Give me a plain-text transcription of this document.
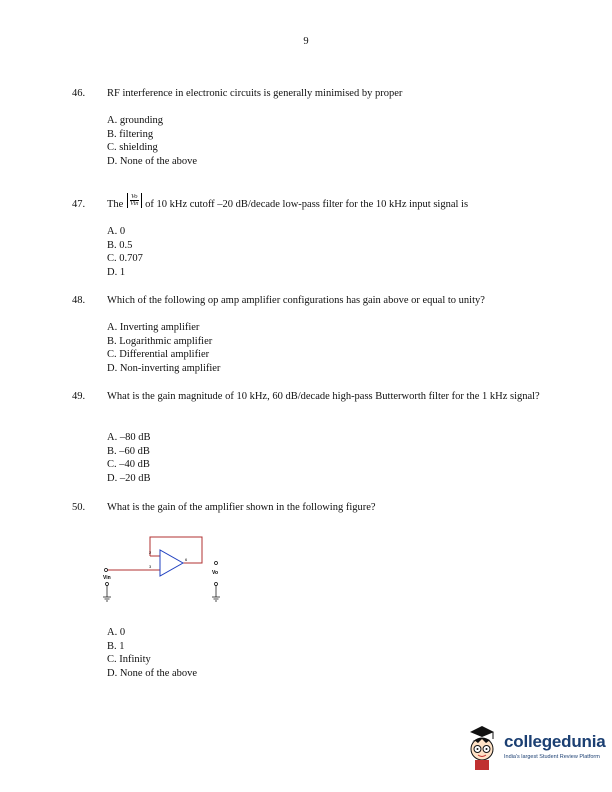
9
46. RF interference in electronic circuits is generally minimised by proper
A. grounding
B. filtering
C. shielding
D. None of the above
47. The $\frac{Vo}{\text{Vin}}$ of 10 kHz cutoff –20 dB/decade low-pass filter for the 10 kHz input signal is
A. 0
B. 0.5
C. 0.707
D. 1
48. Which of the following op amp amplifier configurations has gain above or equal to unity?
A. Inverting amplifier
B. Logarithmic amplifier
C. Differential amplifier
D. Non-inverting amplifier
49. What is the gain magnitude of 10 kHz, 60 dB/decade high-pass Butterworth filter for the 1 kHz signal?
A. –80 dB
B. –60 dB
C. –40 dB
D. –20 dB
50. What is the gain of the amplifier shown in the following figure?
A. 0
B. 1
C. Infinity
D. None of the above
2
3
6
Vin
Vo
collegedunia
India's largest Student Review Platform
